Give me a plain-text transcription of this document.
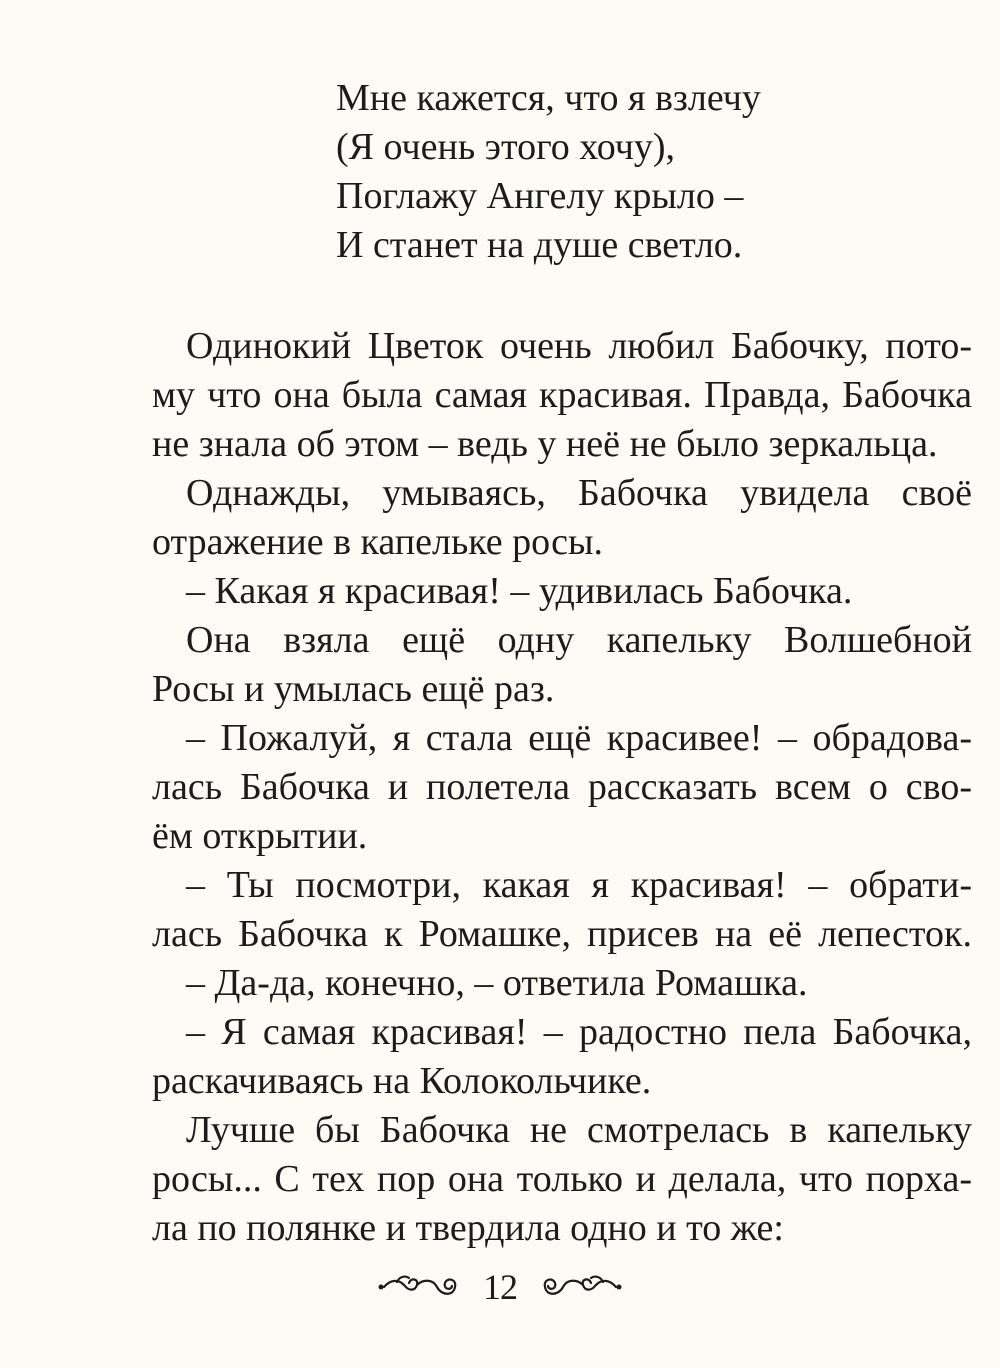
Мне кажется, что я взлечу
(Я очень этого хочу),
Поглажу Ангелу крыло –
И станет на душе светло.
Одинокий Цветок очень любил Бабочку, пото-
му что она была самая красивая. Правда, Бабочка
не знала об этом – ведь у неё не было зеркальца.
Однажды, умываясь, Бабочка увидела своё
отражение в капельке росы.
– Какая я красивая! – удивилась Бабочка.
Она взяла ещё одну капельку Волшебной
Росы и умылась ещё раз.
– Пожалуй, я стала ещё красивее! – обрадова-
лась Бабочка и полетела рассказать всем о сво-
ём открытии.
– Ты посмотри, какая я красивая! – обрати-
лась Бабочка к Ромашке, присев на её лепесток.
– Да-да, конечно, – ответила Ромашка.
– Я самая красивая! – радостно пела Бабочка,
раскачиваясь на Колокольчике.
Лучше бы Бабочка не смотрелась в капельку
росы... С тех пор она только и делала, что порха-
ла по полянке и твердила одно и то же:
12
